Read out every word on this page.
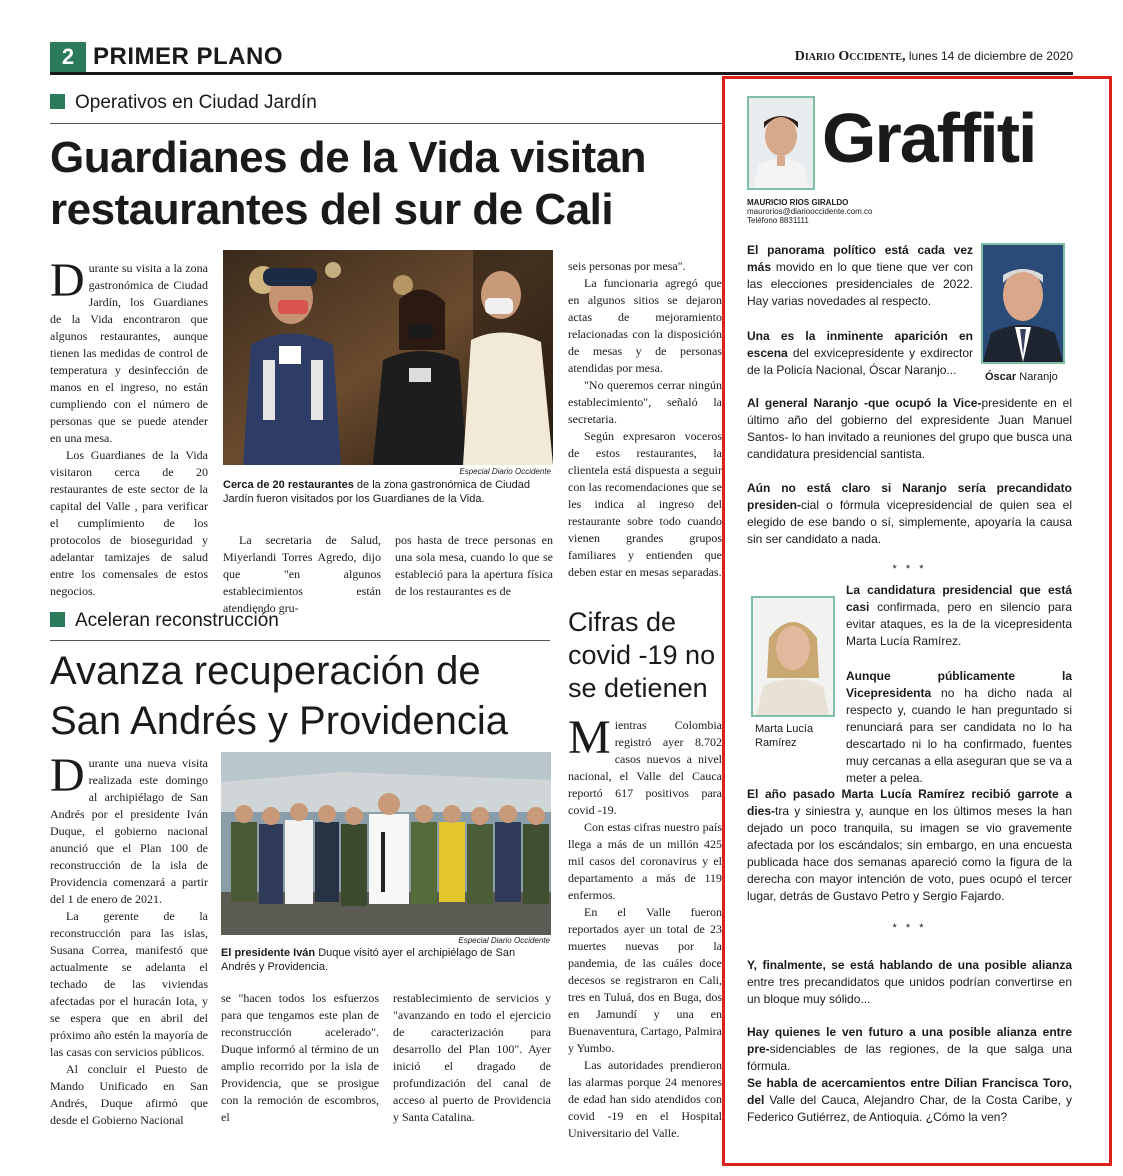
2 PRIMER PLANO	Diario Occidente, lunes 14 de diciembre de 2020
Operativos en Ciudad Jardín
Guardianes de la Vida visitan
restaurantes del sur de Cali

Durante su visita a la zona gastronómica de Ciudad Jardín, los Guardianes de la Vida encontraron que algunos restaurantes, aunque tienen las medidas de control de temperatura y desinfección de manos en el ingreso, no están cumpliendo con el número de personas que se puede atender en una mesa.

Los Guardianes de la Vida visitaron cerca de 20 restaurantes de este sector de la capital del Valle , para verificar el cumplimiento de los protocolos de bioseguridad y adelantar tamizajes de salud entre los comensales de estos negocios.

Especial Diario Occidente
Cerca de 20 restaurantes de la zona gastronómica de Ciudad Jardín fueron visitados por los Guardianes de la Vida.

La secretaria de Salud, Miyerlandi Torres Agredo, dijo que "en algunos establecimientos están atendiendo gru-

pos hasta de trece personas en una sola mesa, cuando lo que se estableció para la apertura física de los restaurantes es de

seis personas por mesa".

La funcionaria agregó que en algunos sitios se dejaron actas de mejoramiento relacionadas con la disposición de mesas y de personas atendidas por mesa.

"No queremos cerrar ningún establecimiento", señaló la secretaria.

Según expresaron voceros de estos restaurantes, la clientela está dispuesta a seguir con las recomendaciones que se les indica al ingreso del restaurante sobre todo cuando vienen grandes grupos familiares y entienden que deben estar en mesas separadas.

Aceleran reconstrucción
Avanza recuperación de
San Andrés y Providencia

Durante una nueva visita realizada este domingo al archipiélago de San Andrés por el presidente Iván Duque, el gobierno nacional anunció que el Plan 100 de reconstrucción de la isla de Providencia comenzará a partir del 1 de enero de 2021.

La gerente de la reconstrucción para las islas, Susana Correa, manifestó que actualmente se adelanta el techado de las viviendas afectadas por el huracán Iota, y se espera que en abril del próximo año estén la mayoría de las casas con servicios públicos.

Al concluir el Puesto de Mando Unificado en San Andrés, Duque afirmó que desde el Gobierno Nacional

Especial Diario Occidente
El presidente Iván Duque visitó ayer el archipiélago de San Andrés y Providencia.

se "hacen todos los esfuerzos para que tengamos este plan de reconstrucción acelerado". Duque informó al término de un amplio recorrido por la isla de Providencia, que se prosigue con la remoción de escombros, el

restablecimiento de servicios y "avanzando en todo el ejercicio de caracterización para desarrollo del Plan 100". Ayer inició el dragado de profundización del canal de acceso al puerto de Providencia y Santa Catalina.

Cifras de
covid -19 no
se detienen

Mientras Colombia registró ayer 8.702 casos nuevos a nivel nacional, el Valle del Cauca reportó 617 positivos para covid -19.

Con estas cifras nuestro país llega a más de un millón 425 mil casos del coronavirus y el departamento a más de 119 enfermos.

En el Valle fueron reportados ayer un total de 23 muertes nuevas por la pandemia, de las cuáles doce decesos se registraron en Cali, tres en Tuluá, dos en Buga, dos en Jamundí y una en Buenaventura, Cartago, Palmira y Yumbo.

Las autoridades prendieron las alarmas porque 24 menores de edad han sido atendidos con covid -19 en el Hospital Universitario del Valle.

Graffiti
MAURICIO RIOS GIRALDO
maurorios@diariooccidente.com.co
Teléfono 8831111
Óscar Naranjo
El panorama político está cada vez más movido en lo que tiene que ver con las elecciones presidenciales de 2022. Hay varias novedades al respecto.
Una es la inminente aparición en escena del exvicepresidente y exdirector de la Policía Nacional, Óscar Naranjo...
Al general Naranjo -que ocupó la Vice-presidente en el último año del gobierno del expresidente Juan Manuel Santos- lo han invitado a reuniones del grupo que busca una candidatura presidencial santista.
Aún no está claro si Naranjo sería precandidato presiden-cial o fórmula vicepresidencial de quien sea el elegido de ese bando o sí, simplemente, apoyaría la causa sin ser candidato a nada.
* * *
Marta Lucía
Ramírez
La candidatura presidencial que está casi confirmada, pero en silencio para evitar ataques, es la de la vicepresidenta Marta Lucía Ramírez.
Aunque públicamente la Vicepresidenta no ha dicho nada al respecto y, cuando le han preguntado si renunciará para ser candidata no lo ha descartado ni lo ha confirmado, fuentes muy cercanas a ella aseguran que se va a meter a pelea.
El año pasado Marta Lucía Ramírez recibió garrote a dies-tra y siniestra y, aunque en los últimos meses la han dejado un poco tranquila, su imagen se vio gravemente afectada por los escándalos; sin embargo, en una encuesta publicada hace dos semanas apareció como la figura de la derecha con mayor intención de voto, pues ocupó el tercer lugar, detrás de Gustavo Petro y Sergio Fajardo.
* * *
Y, finalmente, se está hablando de una posible alianza entre tres precandidatos que unidos podrían convertirse en un bloque muy sólido...
Hay quienes le ven futuro a una posible alianza entre pre-sidenciables de las regiones, de la que salga una fórmula.
Se habla de acercamientos entre Dilian Francisca Toro, del Valle del Cauca, Alejandro Char, de la Costa Caribe, y Federico Gutiérrez, de Antioquia. ¿Cómo la ven?
